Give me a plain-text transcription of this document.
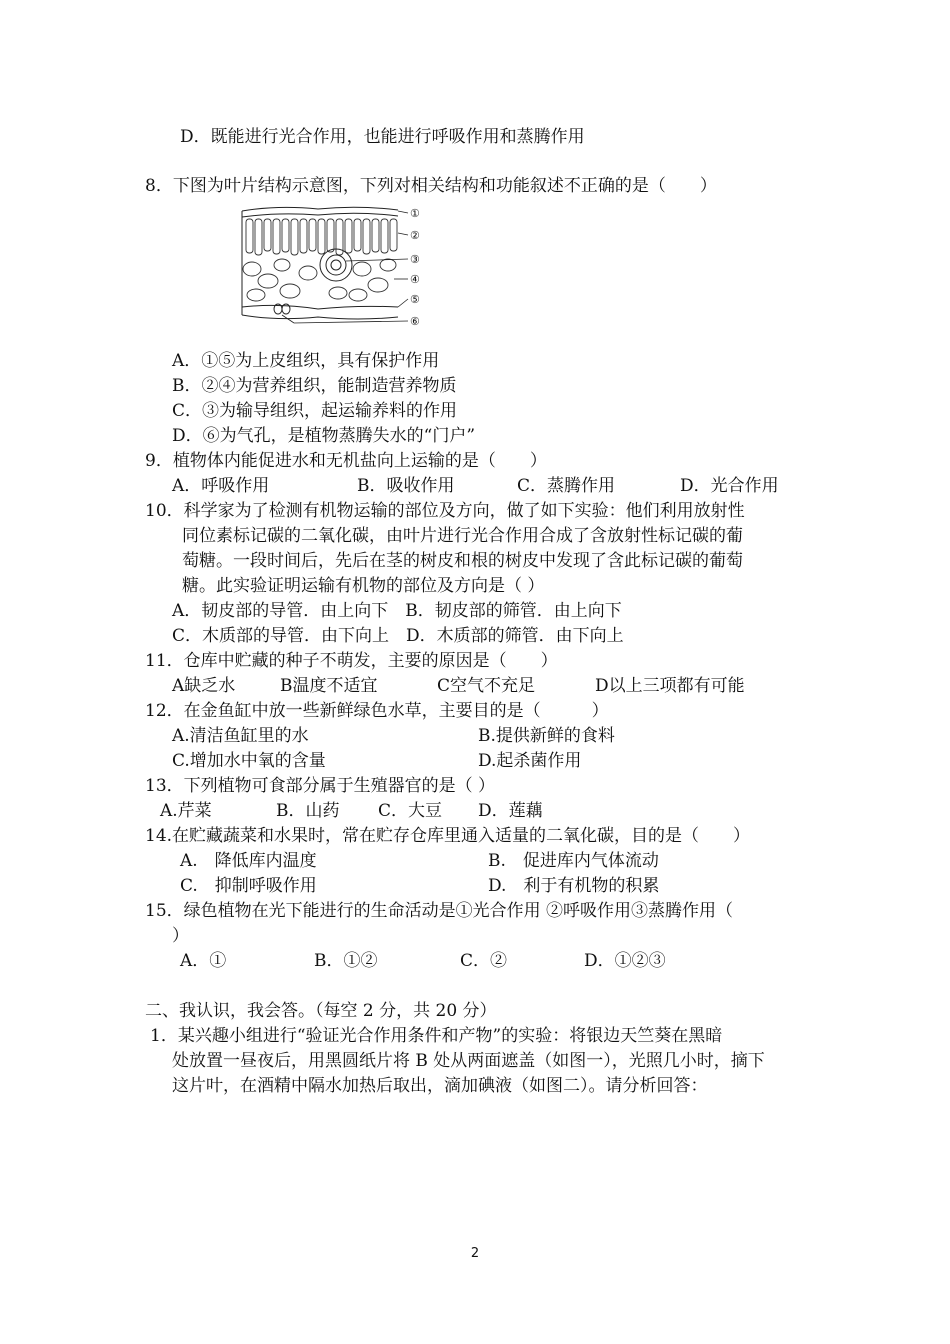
D．既能进行光合作用，也能进行呼吸作用和蒸腾作用
8．下图为叶片结构示意图，下列对相关结构和功能叙述不正确的是（　　）
①
②
③
④
⑤
⑥
A．①⑤为上皮组织，具有保护作用
B．②④为营养组织，能制造营养物质
C．③为输导组织，起运输养料的作用
D．⑥为气孔，是植物蒸腾失水的“门户”
9．植物体内能促进水和无机盐向上运输的是（　　）
A．呼吸作用	B．吸收作用	C．蒸腾作用	D．光合作用
10．科学家为了检测有机物运输的部位及方向，做了如下实验：他们利用放射性
同位素标记碳的二氧化碳，由叶片进行光合作用合成了含放射性标记碳的葡
萄糖。一段时间后，先后在茎的树皮和根的树皮中发现了含此标记碳的葡萄
糖。此实验证明运输有机物的部位及方向是（ ）
A．韧皮部的导管．由上向下　B．韧皮部的筛管．由上向下
C．木质部的导管．由下向上　D．木质部的筛管．由下向上
11．仓库中贮藏的种子不萌发，主要的原因是（　　）
A缺乏水	B温度不适宜	C空气不充足	D以上三项都有可能
12．在金鱼缸中放一些新鲜绿色水草，主要目的是（　　　）
A.清洁鱼缸里的水	B.提供新鲜的食料
C.增加水中氧的含量	D.起杀菌作用
13．下列植物可食部分属于生殖器官的是（ ）
A.芹菜	B．山药 C．大豆 D．莲藕
14.在贮藏蔬菜和水果时，常在贮存仓库里通入适量的二氧化碳，目的是（　　）
A.　降低库内温度	B.　促进库内气体流动
C.　抑制呼吸作用	D.　利于有机物的积累
15．绿色植物在光下能进行的生命活动是①光合作用 ②呼吸作用③蒸腾作用（
）
A．①	B．①②	C．②	D．①②③
二、我认识，我会答。（每空 2 分，共 20 分）
1．某兴趣小组进行“验证光合作用条件和产物”的实验：将银边天竺葵在黑暗
处放置一昼夜后，用黑圆纸片将 B 处从两面遮盖（如图一），光照几小时，摘下
这片叶，在酒精中隔水加热后取出，滴加碘液（如图二）。请分析回答：
2
